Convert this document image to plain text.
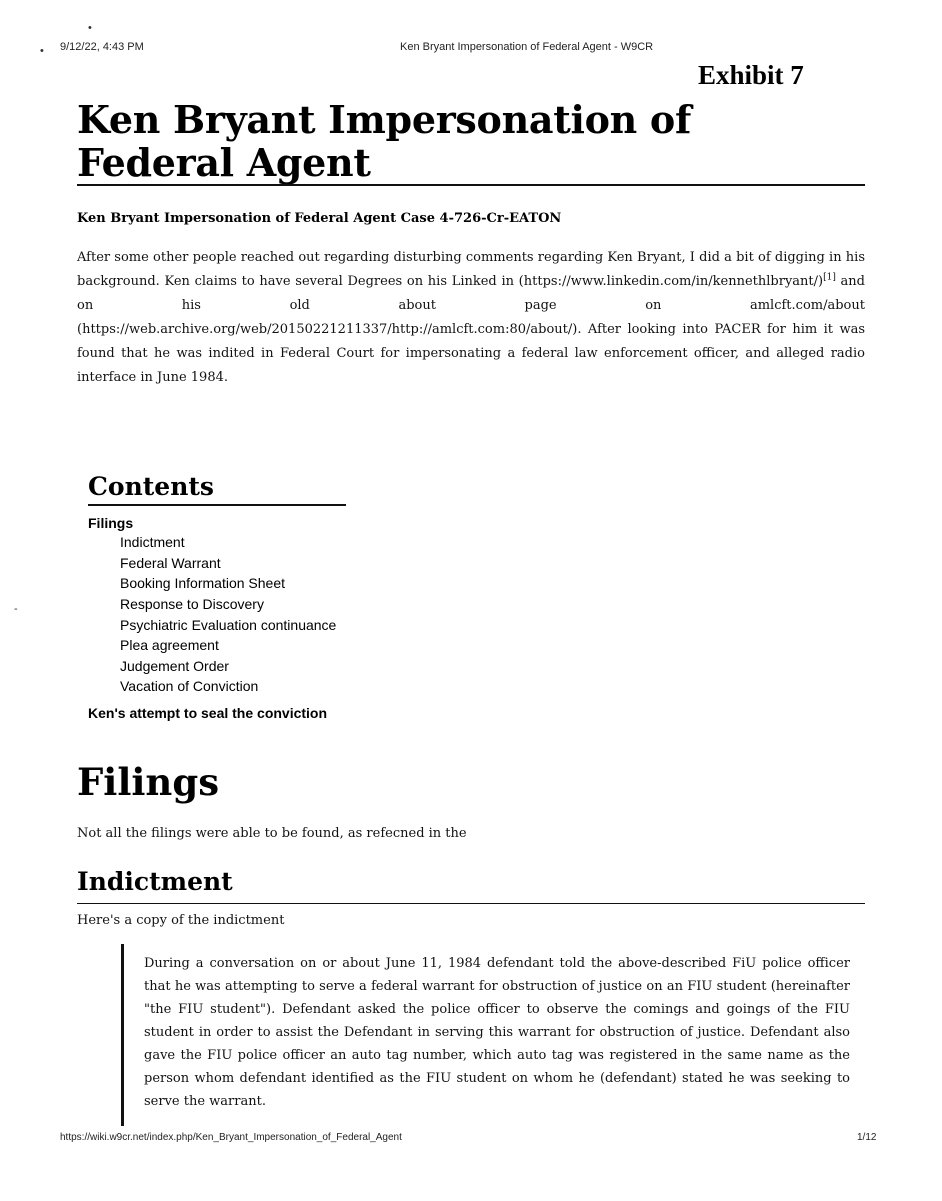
•
•
-
9/12/22, 4:43 PM	Ken Bryant Impersonation of Federal Agent - W9CR
Exhibit 7
Ken Bryant Impersonation of Federal Agent
Ken Bryant Impersonation of Federal Agent Case 4-726-Cr-EATON
After some other people reached out regarding disturbing comments regarding Ken Bryant, I did a bit of digging in his
background. Ken claims to have several Degrees on his Linked in (https://www.linkedin.com/in/kennethlbryant/)[1] and
on	his	old	about	page	on	amlcft.com/about
(https://web.archive.org/web/20150221211337/http://amlcft.com:80/about/). After looking into PACER for him it was found that he was indited in Federal Court for impersonating a federal law enforcement officer, and alleged radio interface in June 1984.
Contents
Filings
Indictment
Federal Warrant
Booking Information Sheet
Response to Discovery
Psychiatric Evaluation continuance
Plea agreement
Judgement Order
Vacation of Conviction
Ken's attempt to seal the conviction
Filings

Not all the filings were able to be found, as refecned in the

Indictment

Here's a copy of the indictment

During a conversation on or about June 11, 1984 defendant told the above-described FiU police officer that he was attempting to serve a federal warrant for obstruction of justice on an FIU student (hereinafter "the FIU student"). Defendant asked the police officer to observe the comings and goings of the FIU student in order to assist the Defendant in serving this warrant for obstruction of justice. Defendant also gave the FIU police officer an auto tag number, which auto tag was registered in the same name as the person whom defendant identified as the FIU student on whom he (defendant) stated he was seeking to serve the warrant.

https://wiki.w9cr.net/index.php/Ken_Bryant_Impersonation_of_Federal_Agent	1/12
